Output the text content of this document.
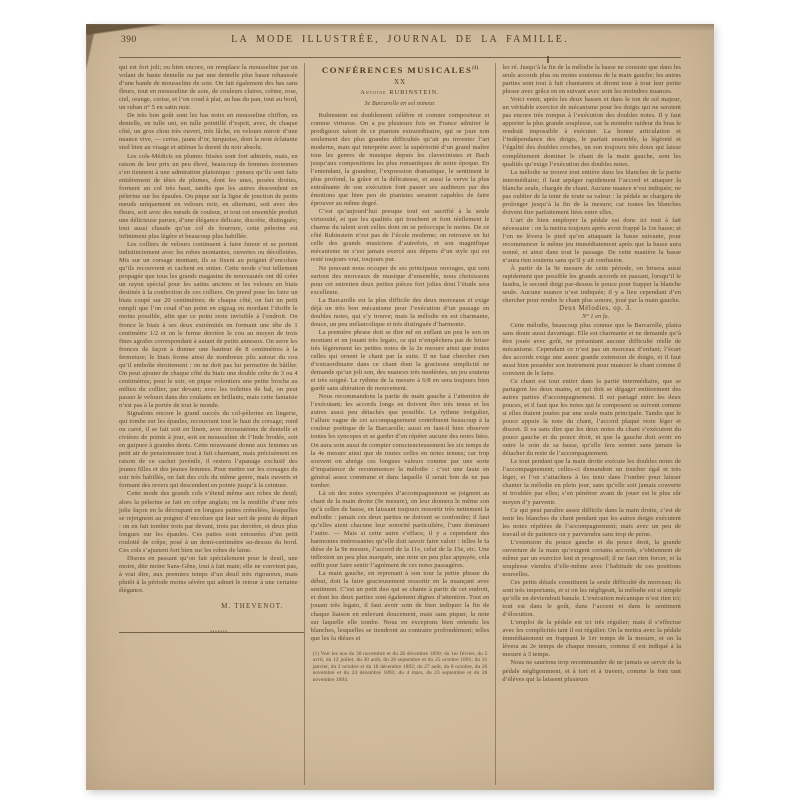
390	LA MODE ILLUSTRÉE, JOURNAL DE LA FAMILLE.

qui est fort joli; ou bien encore, on remplace la mousseline par un volant de haute dentelle ou par une dentelle plus basse rehaussée d’une bande de mousseline de soie. On fait également des bas sans fleurs, tout en mousseline de soie, de couleurs claires, crème, rose, ciel, orange, cerise, et l’on coud à plat, au bas du pan, tout au bord, un ruban n° 5 en satin noir.

De très bon goût sont les bas noirs en mousseline chiffon, en dentelle, en tulle uni, en tulle pointillé d’esprit, avec, de chaque côté, un gros chou très ouvert, très lâche, en velours miroir d’une nuance vive, — cerise, jaune d’or, turquoise, dont la note éclatante sied bien au visage et atténue la dureté du noir absolu.

Les cols-Médicis en plumes frisées sont fort admirés, mais, en raison de leur prix un peu élevé, beaucoup de femmes économes s’en tiennent à une admiration platonique : pensez qu’ils sont faits entièrement de têtes de plumes, dont les unes, posées droites, forment un col très haut, tandis que les autres descendent en pèlerine sur les épaules. On pique sur la ligne de jonction de petits nœuds uniquement en velours noir, en alternant, soit avec des fleurs, soit avec des nœuds de couleur, et tout cet ensemble produit une délicieuse parure, d’une élégance délicate, discrète, distinguée; tout aussi chaude qu’un col de fourrure, cette pèlerine est infiniment plus légère et beaucoup plus habillée.

Les colliers de velours continuent à faire fureur et se portent indistinctement avec les robes montantes, ouvertes ou décolletées. Mis sur un corsage montant, ils se fixent au poignet d’encolure qu’ils recouvrent et cachent en entier. Cette mode s’est tellement propagée que tous les grands magasins de nouveautés ont dû créer un rayon spécial pour les satins anciens et les velours en biais destinés à la confection de ces colliers. On prend pour les faire un biais coupé sur 20 centimètres; de chaque côté, on fait un petit rempli que l’on coud d’un point en zigzag en mordant l’étoffe le moins possible, afin que ce point reste invisible à l’endroit. On fronce le biais à ses deux extrémités en formant une tête de 1 centimètre 1/2 et on le ferme derrière le cou au moyen de trois fines agrafes correspondant à autant de petits anneaux. On serre les fronces de façon à donner une hauteur de 8 centimètres à la fermeture; le biais forme ainsi de nombreux plis autour du cou qu’il emboîte étroitement : on ne doit pas lui permettre de bâiller. On peut ajouter de chaque côté du biais une double crête de 3 ou 4 centimètres; pour le soir, on pique volontiers une petite broche au milieu du collier, par devant; avec les toilettes de bal, on peut passer le velours dans des coulants en brillants, mais cette fantaisie n’est pas à la portée de tout le monde.

Signalons encore le grand succès du col-pèlerine en lingerie, qui tombe sur les épaules, recouvrant tout le haut du corsage; rond ou carré, il se fait soit en linon, avec incrustations de dentelle et rivières de points à jour, soit en mousseline de l’Inde brodée, soit en guipure à grandes dents. Cette nouveauté donne aux femmes un petit air de pensionnaire tout à fait charmant, mais précisément en raison de ce cachet juvénile, il restera l’apanage exclusif des jeunes filles et des jeunes femmes. Pour mettre sur les corsages du soir très habillés, on fait des cols du même genre, mais ouverts et formant des revers qui descendent en pointe jusqu’à la ceinture.

Cette mode des grands cols s’étend même aux robes de deuil; alors la pèlerine se fait en crêpe anglais; on la modifie d’une très jolie façon en la découpant en longues pattes crénelées, lesquelles se rejoignent au poignet d’encolure qui leur sert de point de départ : on en fait tomber trois par devant, trois par derrière, et deux plus longues sur les épaules. Ces pattes sont entourées d’un petit roulotté de crêpe, posé à un demi-centimètre au-dessus du bord. Ces cols s’ajustent fort bien sur les robes de laine.

Disons en passant qu’on fait spécialement pour le deuil, une moire, dite moire Sans-Gêne, tout à fait mate; elle ne convient pas, à vrai dire, aux premiers temps d’un deuil très rigoureux, mais plutôt à la période moins sévère qui admet le retour à une certaine élégance.

M. THEVENOT.
•••••••
CONFÉRENCES MUSICALES$^{(1)}$
XX
Antoine RUBINSTEIN.
3e Barcarolle en sol mineur.

Rubinstein est doublement célèbre et comme compositeur et comme virtuose. On a pu plusieurs fois en France admirer le prodigieux talent de ce pianiste extraordinaire, qui se joue non seulement des plus grandes difficultés qu’ait pu inventer l’art moderne, mais qui interprète avec la supériorité d’un grand maître tous les genres de musique depuis les clavecinistes et Bach jusqu’aux compositions les plus romantiques de notre époque. En l’entendant, la grandeur, l’expression dramatique, le sentiment le plus profond, la grâce et la délicatesse, et aussi la verve la plus entraînante de son exécution font passer ses auditeurs par des émotions que bien peu de pianistes seraient capables de faire éprouver au même degré.

C’est qu’aujourd’hui presque tout est sacrifié à la seule virtuosité, et que les qualités qui touchent et font réellement le charme du talent sont celles dont on se préoccupe le moins. De ce côté Rubinstein n’est pas de l’école moderne; on retrouve en lui celle des grands musiciens d’autrefois, et son magnifique mécanisme ne s’est jamais exercé aux dépens d’un style qui est resté toujours vrai, toujours pur.

Ne pouvant nous occuper de ses principaux ouvrages, qui sont surtout des morceaux de musique d’ensemble, nous choisissons pour cet entretien deux petites pièces fort jolies dont l’étude sera excellente.

La Barcarolle est la plus difficile des deux morceaux et exige déjà un très bon mécanisme pour l’exécution d’un passage en doubles notes, qui s’y trouve; mais la mélodie en est charmante, douce, un peu mélancolique et très distinguée d’harmonie.

La première phrase doit se dire mf en enflant un peu le son en montant et en jouant très legato, ce qui n’empêchera pas de briser très légèrement les petites notes de la 2e mesure ainsi que toutes celles qui ornent le chant par la suite. Il ne faut chercher rien d’extraordinaire dans ce chant dont la gracieuse simplicité ne demande qu’un joli son, des nuances très modérées, un jeu soutenu et très soigné. Le rythme de la mesure à 6/8 en sera toujours bien gardé sans altération de mouvement.

Nous recommandons la partie de main gauche à l’attention de l’exécutant; les accords longs en doivent être très tenus et les autres aussi peu détachés que possible. Le rythme irrégulier, l’allure vague de cet accompagnement contribuent beaucoup à la couleur poétique de la Barcarolle; aussi en faut-il bien observer toutes les syncopes et se garder d’en répéter aucune des notes liées. On aura soin aussi de compter consciencieusement les six temps de la 4e mesure ainsi que de toutes celles en notes tenues; car trop souvent on abrège ces longues valeurs comme par une sorte d’impatience de recommencer la mélodie : c’est une faute en général assez commune et dans laquelle il serait bon de ne pas tomber.

Là où des notes syncopées d’accompagnement se joignent au chant de la main droite (9e mesure), on leur donnera le même son qu’à celles de basse, en laissant toujours ressortir très nettement la mélodie : jamais ces deux parties ne doivent se confondre; il faut qu’elles aient chacune leur sonorité particulière, l’une dominant l’autre. — Mais si cette autre s’efface, il y a cependant des harmonies intéressantes qu’elle doit savoir faire valoir : telles le fa dièse de la 9e mesure, l’accord de la 11e, celui de la 15e, etc. Une inflexion un peu plus marquée, une note un peu plus appuyée, cela suffit pour faire sentir l’agrément de ces notes passagères.

La main gauche, en reprenant à son tour la petite phrase du début, doit la faire gracieusement ressortir en la nuançant avec sentiment. C’est un petit duo qui se chante à partir de cet endroit, et dont les deux parties sont également dignes d’attention. Tout en jouant très legato, il faut avoir soin de bien indiquer la fin de chaque liaison en enlevant doucement, mais sans piquer, la note sur laquelle elle tombe. Nous en exceptons bien entendu les blanches, lesquelles se tiendront au contraire profondément; telles que les fa dièses et

(1) Voir les nos du 30 novembre et du 28 décembre 1890; du 1er février, du 5 avril, du 12 juillet, du 30 août, du 28 septembre et du 25 octobre 1891; du 31 janvier, du 2 octobre et du 18 décembre 1892; du 27 août, du 8 octobre, du 26 novembre et du 24 décembre 1893; du 4 mars, du 23 septembre et du 28 novembre 1894.

les ré. Jusqu’à la fin de la mélodie la basse ne consiste que dans les seuls accords plus ou moins soutenus de la main gauche; les autres parties sont tout à fait chantantes et diront tour à tour leur petite phrase avec grâce en en suivant avec soin les moindres nuances.

Voici venir, après les deux basses et dans le ton de sol majeur, un véritable exercice de mécanisme pour les doigts qui ne seraient pas encore très rompus à l’exécution des doubles notes. Il y faut apporter la plus grande souplesse, car la moindre raideur du bras le rendrait impossible à exécuter. La bonne articulation et l’indépendance des doigts, le parfait ensemble, la légèreté et l’égalité des doubles croches, un son toujours très doux qui laisse complètement dominer le chant de la main gauche, sont les qualités qu’exige l’exécution des doubles notes.

La mélodie se trouve tout entière dans les blanches de la partie intermédiaire; il faut arpéger rapidement l’accord et attaquer la blanche seule, chargée du chant. Aucune nuance n’est indiquée; ne pas oublier de la tenir de toute sa valeur : la pédale se chargera de prolonger jusqu’à la fin de la mesure; car toutes les blanches doivent être parfaitement liées entre elles.

L’art de bien employer la pédale est donc ici tout à fait nécessaire : on la mettra toujours après avoir frappé la 1re basse; et l’on ne lèvera le pied qu’en attaquant la basse suivante, pour recommencer le même jeu immédiatement après que la basse aura sonné, et ainsi dans tout le passage. De cette manière la basse n’aura rien soutenu sans qu’il y ait confusion.

À partir de la 9e mesure de cette période, on brisera aussi rapidement que possible les grands accords en passant, lorsqu’il le faudra, le second doigt par-dessus le pouce pour frapper la blanche seule. Aucune nuance n’est indiquée; il y a lieu cependant d’en chercher pour rendre le chant plus sonore, joué par la main gauche.

Deux Mélodies, op. 3.

N° 1 en fa.

Cette mélodie, beaucoup plus connue que la Barcarolle, plaira sans doute aussi davantage. Elle est charmante et ne demande qu’à être jouée avec goût, ne présentant aucune difficulté réelle de mécanisme. Cependant ce n’est pas un morceau d’enfant; l’écart des accords exige une assez grande extension de doigts, et il faut aussi bien posséder son instrument pour nuancer le chant comme il convient de le faire.

Ce chant est tout entier dans la partie intermédiaire, que se partagent les deux mains, et qui doit se dégager entièrement des autres parties d’accompagnement. Il est partagé entre les deux pouces, et il faut que les notes qui le composent se suivent comme si elles étaient jouées par une seule main principale. Tandis que le pouce appuie la note du chant, l’accord plaqué reste léger et discret. Il va sans dire que les deux notes du chant s’exécutent du pouce gauche et du pouce droit, et que la gauche doit avoir en outre le soin de sa basse, qu’elle fera sonner sans jamais la détacher du reste de l’accompagnement.

Le tout pendant que la main droite exécute les doubles notes de l’accompagnement; celles-ci demandent un toucher égal et très léger, et l’on s’attachera à les tenir dans l’ombre pour laisser chanter la mélodie en plein jour, sans qu’elle soit jamais couverte ni troublée par elles; s’en pénétrer avant de jouer est le plus sûr moyen d’y parvenir.

Ce qui peut paraître assez difficile dans la main droite, c’est de tenir les blanches du chant pendant que les autres doigts exécutent les notes répétées de l’accompagnement; mais avec un peu de travail et de patience on y parviendra sans trop de peine.

L’extension du pouce gauche et du pouce droit, la grande ouverture de la main qu’exigent certains accords, s’obtiennent de même par un exercice lent et progressif; il ne faut rien forcer, et la souplesse viendra d’elle-même avec l’habitude de ces positions nouvelles.

Ces petits détails constituent la seule difficulté du morceau; ils sont très importants, et si on les négligeait, la mélodie est si simple qu’elle en deviendrait banale. L’exécution mécanique n’est rien ici; tout est dans le goût, dans l’accent et dans le sentiment d’élocution.

L’emploi de la pédale est ici très régulier; mais il s’effectue avec les complicités tant il est régulier. On la mettra avec la pédale immédiatement en frappant le 1er temps de la mesure, et on la lèvera au 2e temps de chaque mesure, comme il est indiqué à la mesure à 3 temps.

Nous ne saurions trop recommander de ne jamais se servir de la pédale négligemment, et à tort et à travers, comme le font tant d’élèves qui la laissent plusieurs
